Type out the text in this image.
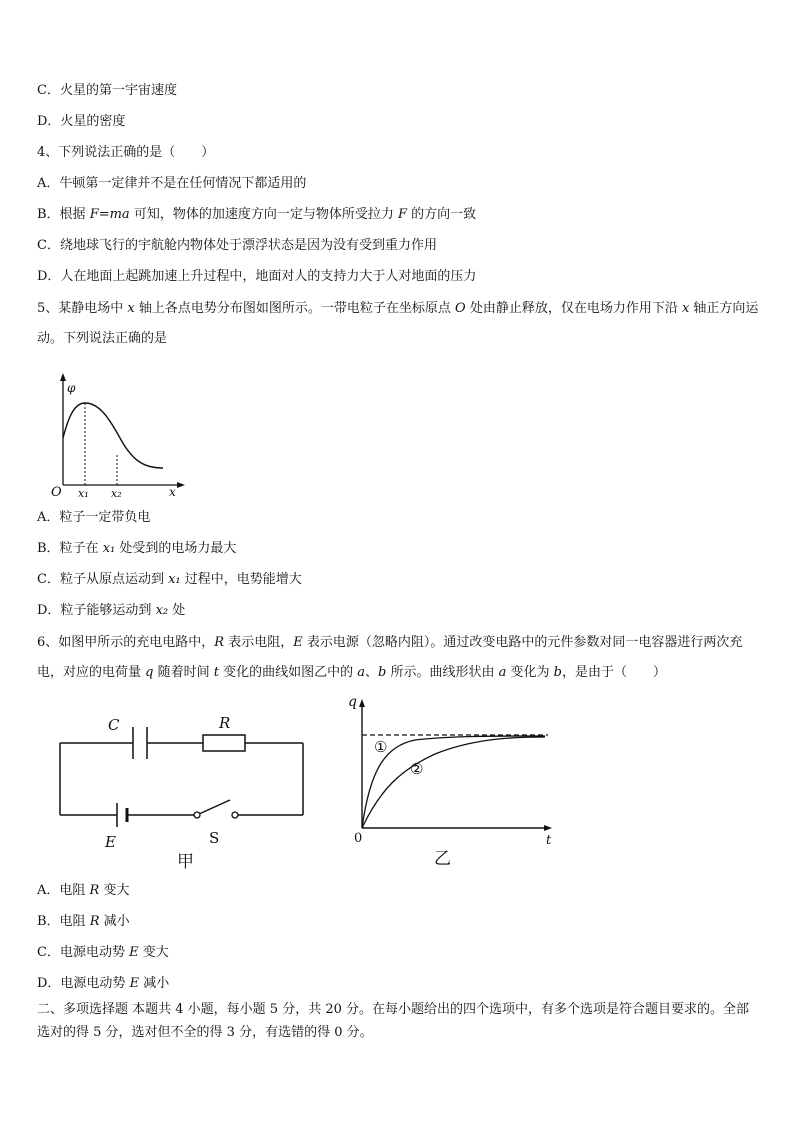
C．火星的第一宇宙速度
D．火星的密度
4、下列说法正确的是（　　）
A．牛顿第一定律并不是在任何情况下都适用的
B．根据 F=ma 可知，物体的加速度方向一定与物体所受拉力 F 的方向一致
C．绕地球飞行的宇航舱内物体处于漂浮状态是因为没有受到重力作用
D．人在地面上起跳加速上升过程中，地面对人的支持力大于人对地面的压力
5、某静电场中 x 轴上各点电势分布图如图所示。一带电粒子在坐标原点 O 处由静止释放，仅在电场力作用下沿 x 轴正方向运动。下列说法正确的是
φ
O x₁ x₂	x
A．粒子一定带负电
B．粒子在 x₁ 处受到的电场力最大
C．粒子从原点运动到 x₁ 过程中，电势能增大
D．粒子能够运动到 x₂ 处
6、如图甲所示的充电电路中，R 表示电阻，E 表示电源（忽略内阻）。通过改变电路中的元件参数对同一电容器进行两次充电，对应的电荷量 q 随着时间 t 变化的曲线如图乙中的 a、b 所示。曲线形状由 a 变化为 b，是由于（　　）
C	R
E	S
甲
q
0	t
①
②
乙
A．电阻 R 变大
B．电阻 R 减小
C．电源电动势 E 变大
D．电源电动势 E 减小
二、多项选择题 本题共 4 小题，每小题 5 分，共 20 分。在每小题给出的四个选项中，有多个选项是符合题目要求的。全部选对的得 5 分，选对但不全的得 3 分，有选错的得 0 分。
